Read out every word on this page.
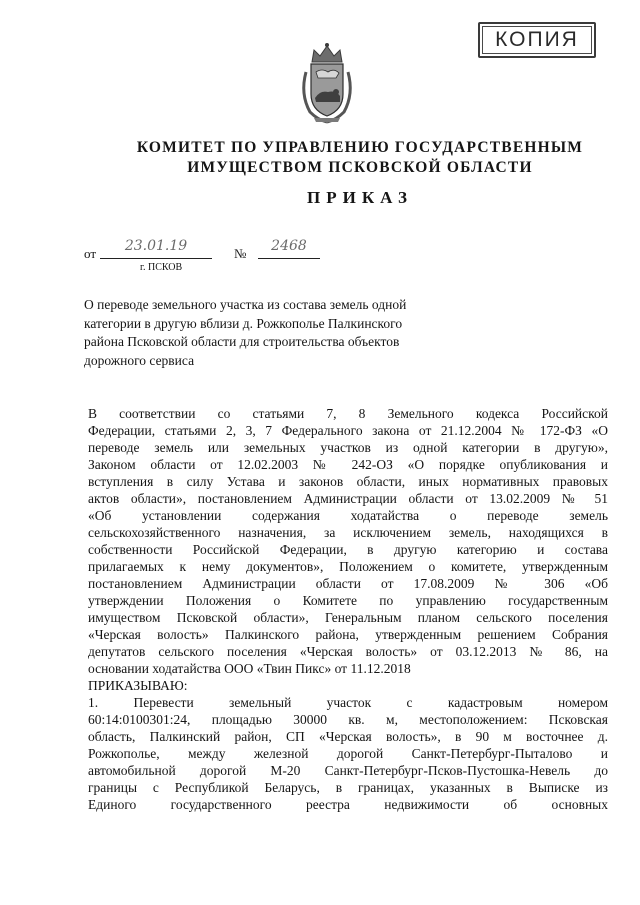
КОПИЯ
КОМИТЕТ ПО УПРАВЛЕНИЮ ГОСУДАРСТВЕННЫМ
ИМУЩЕСТВОМ ПСКОВСКОЙ ОБЛАСТИ
ПРИКАЗ
от	23.01.19	№	2468
г. ПСКОВ
О переводе земельного участка из состава земель одной
категории в другую вблизи д. Рожкополье Палкинского
района Псковской области для строительства объектов
дорожного сервиса
В соответствии со статьями 7, 8 Земельного кодекса Российской
Федерации, статьями 2, 3, 7 Федерального закона от 21.12.2004 № 172-ФЗ «О
переводе земель или земельных участков из одной категории в другую»,
Законом области от 12.02.2003 № 242-ОЗ «О порядке опубликования и
вступления в силу Устава и законов области, иных нормативных правовых
актов области», постановлением Администрации области от 13.02.2009 № 51
«Об установлении содержания ходатайства о переводе земель
сельскохозяйственного назначения, за исключением земель, находящихся в
собственности Российской Федерации, в другую категорию и состава
прилагаемых к нему документов», Положением о комитете, утвержденным
постановлением Администрации области от 17.08.2009 № 306 «Об
утверждении Положения о Комитете по управлению государственным
имуществом Псковской области», Генеральным планом сельского поселения
«Черская волость» Палкинского района, утвержденным решением Собрания
депутатов сельского поселения «Черская волость» от 03.12.2013 № 86, на
основании ходатайства ООО «Твин Пикс» от 11.12.2018
ПРИКАЗЫВАЮ:
1. Перевести земельный участок с кадастровым номером
60:14:0100301:24, площадью 30000 кв. м, местоположением: Псковская
область, Палкинский район, СП «Черская волость», в 90 м восточнее д.
Рожкополье, между железной дорогой Санкт-Петербург-Пыталово и
автомобильной дорогой М-20 Санкт-Петербург-Псков-Пустошка-Невель до
границы с Республикой Беларусь, в границах, указанных в Выписке из
Единого государственного реестра недвижимости об основных
